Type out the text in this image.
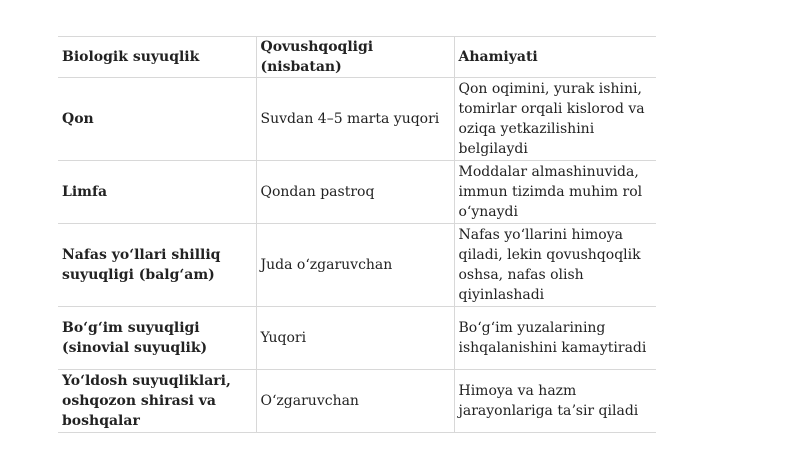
Biologik suyuqlik	Qovushqoqligi (nisbatan)	Ahamiyati
Qon	Suvdan 4–5 marta yuqori	Qon oqimini, yurak ishini, tomirlar orqali kislorod va oziqa yetkazilishini belgilaydi
Limfa	Qondan pastroq	Moddalar almashinuvida, immun tizimda muhim rol oʻynaydi
Nafas yoʻllari shilliq suyuqligi (balgʻam)	Juda oʻzgaruvchan	Nafas yoʻllarini himoya qiladi, lekin qovushqoqlik oshsa, nafas olish qiyinlashadi
Boʻgʻim suyuqligi (sinovial suyuqlik)	Yuqori	Boʻgʻim yuzalarining ishqalanishini kamaytiradi
Yoʻldosh suyuqliklari, oshqozon shirasi va boshqalar	Oʻzgaruvchan	Himoya va hazm jarayonlariga taʼsir qiladi
